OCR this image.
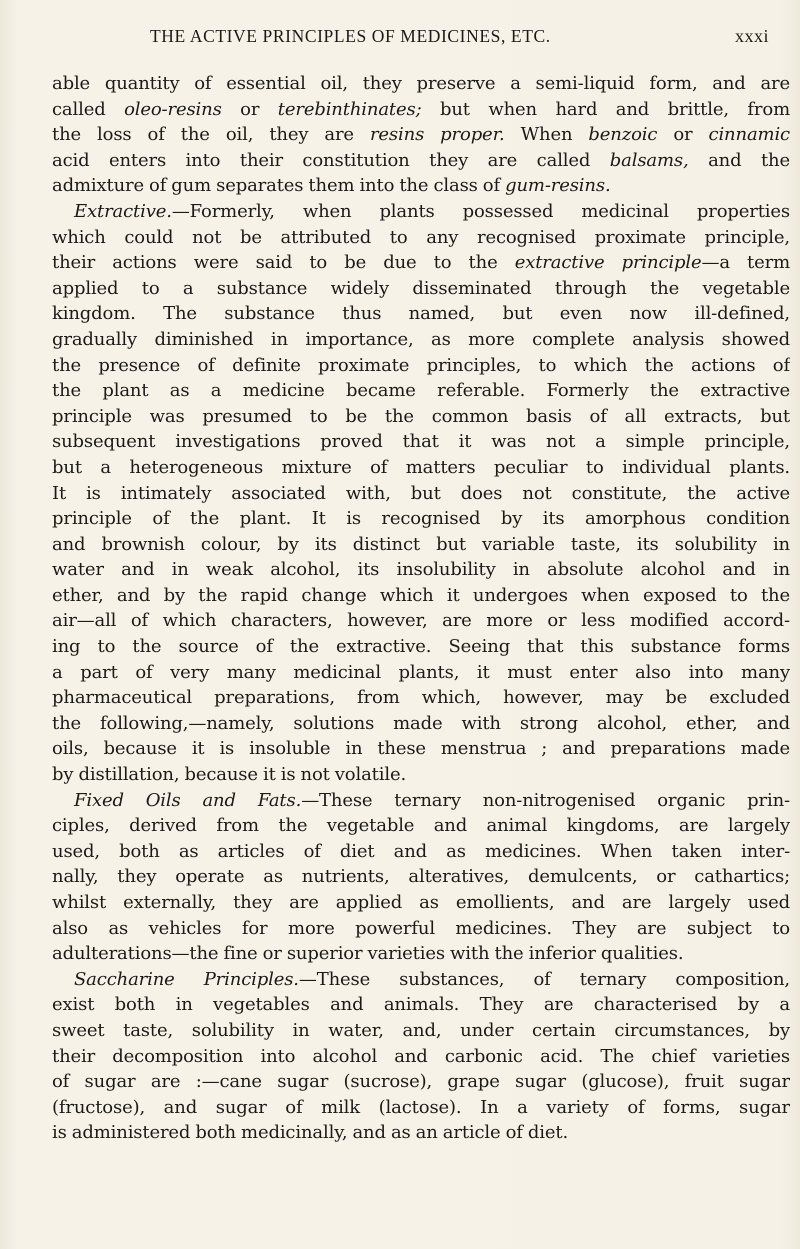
THE ACTIVE PRINCIPLES OF MEDICINES, ETC.	xxxi
able quantity of essential oil, they preserve a semi-liquid form, and are
called oleo-resins or terebinthinates; but when hard and brittle, from
the loss of the oil, they are resins proper. When benzoic or cinnamic
acid enters into their constitution they are called balsams, and the
admixture of gum separates them into the class of gum-resins.
Extractive.—Formerly, when plants possessed medicinal properties
which could not be attributed to any recognised proximate principle,
their actions were said to be due to the extractive principle—a term
applied to a substance widely disseminated through the vegetable
kingdom. The substance thus named, but even now ill-defined,
gradually diminished in importance, as more complete analysis showed
the presence of definite proximate principles, to which the actions of
the plant as a medicine became referable. Formerly the extractive
principle was presumed to be the common basis of all extracts, but
subsequent investigations proved that it was not a simple principle,
but a heterogeneous mixture of matters peculiar to individual plants.
It is intimately associated with, but does not constitute, the active
principle of the plant. It is recognised by its amorphous condition
and brownish colour, by its distinct but variable taste, its solubility in
water and in weak alcohol, its insolubility in absolute alcohol and in
ether, and by the rapid change which it undergoes when exposed to the
air—all of which characters, however, are more or less modified accord-
ing to the source of the extractive. Seeing that this substance forms
a part of very many medicinal plants, it must enter also into many
pharmaceutical preparations, from which, however, may be excluded
the following,—namely, solutions made with strong alcohol, ether, and
oils, because it is insoluble in these menstrua ; and preparations made
by distillation, because it is not volatile.
Fixed Oils and Fats.—These ternary non-nitrogenised organic prin-
ciples, derived from the vegetable and animal kingdoms, are largely
used, both as articles of diet and as medicines. When taken inter-
nally, they operate as nutrients, alteratives, demulcents, or cathartics;
whilst externally, they are applied as emollients, and are largely used
also as vehicles for more powerful medicines. They are subject to
adulterations—the fine or superior varieties with the inferior qualities.
Saccharine Principles.—These substances, of ternary composition,
exist both in vegetables and animals. They are characterised by a
sweet taste, solubility in water, and, under certain circumstances, by
their decomposition into alcohol and carbonic acid. The chief varieties
of sugar are :—cane sugar (sucrose), grape sugar (glucose), fruit sugar
(fructose), and sugar of milk (lactose). In a variety of forms, sugar
is administered both medicinally, and as an article of diet.
